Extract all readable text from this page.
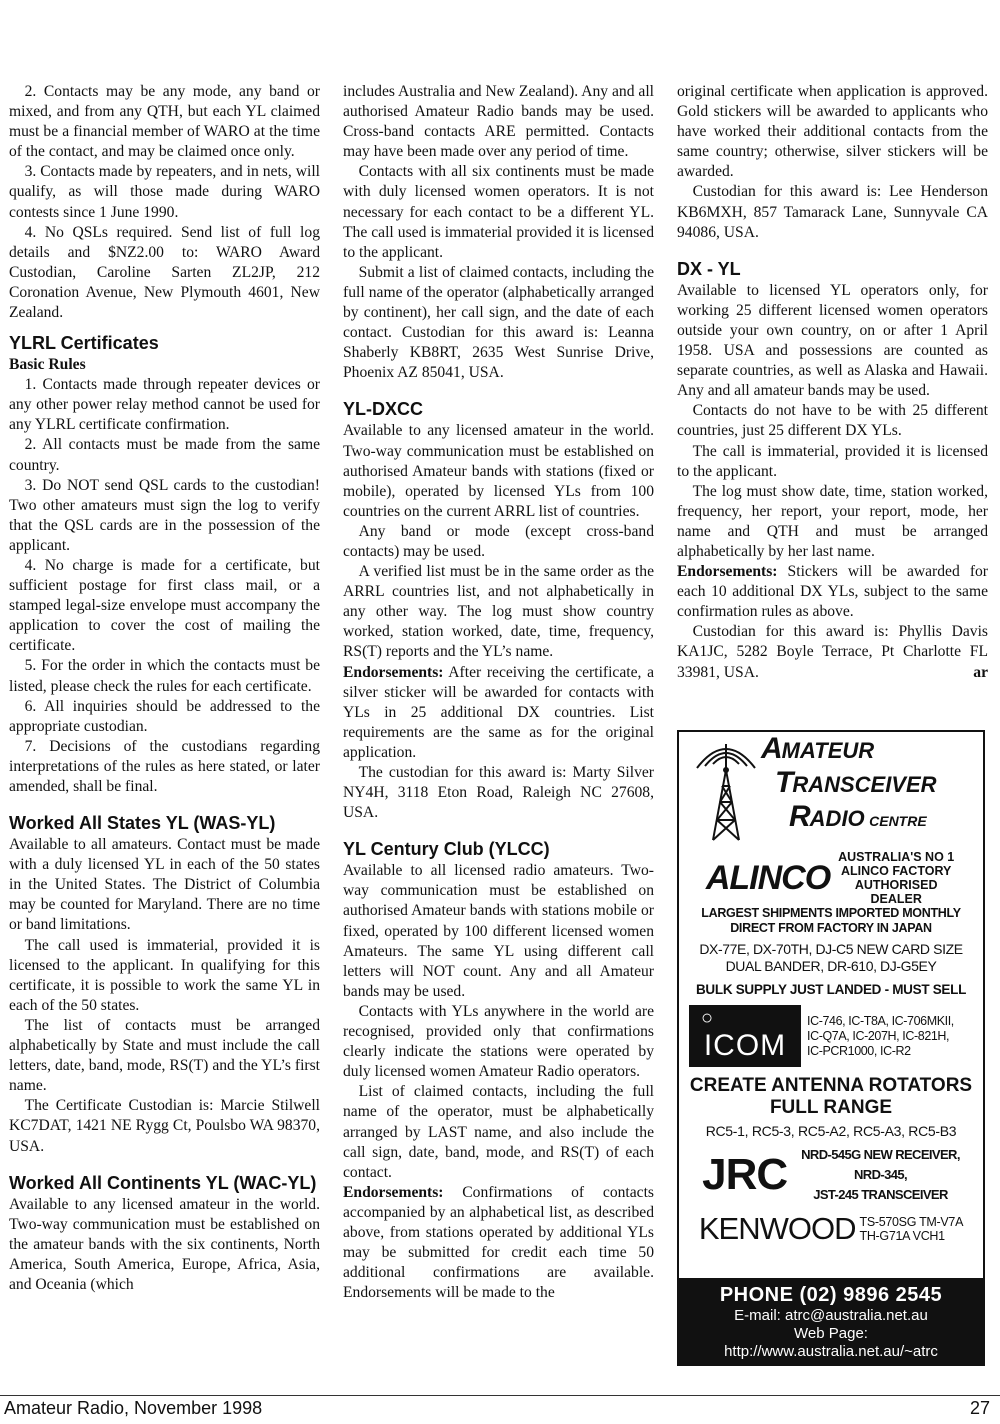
2. Contacts may be any mode, any band or mixed, and from any QTH, but each YL claimed must be a financial member of WARO at the time of the contact, and may be claimed once only.

3. Contacts made by repeaters, and in nets, will qualify, as will those made during WARO contests since 1 June 1990.

4. No QSLs required. Send list of full log details and $NZ2.00 to: WARO Award Custodian, Caroline Sarten ZL2JP, 212 Coronation Avenue, New Plymouth 4601, New Zealand.

YLRL Certificates
Basic Rules

1. Contacts made through repeater devices or any other power relay method cannot be used for any YLRL certificate confirmation.

2. All contacts must be made from the same country.

3. Do NOT send QSL cards to the custodian! Two other amateurs must sign the log to verify that the QSL cards are in the possession of the applicant.

4. No charge is made for a certificate, but sufficient postage for first class mail, or a stamped legal-size envelope must accompany the application to cover the cost of mailing the certificate.

5. For the order in which the contacts must be listed, please check the rules for each certificate.

6. All inquiries should be addressed to the appropriate custodian.

7. Decisions of the custodians regarding interpretations of the rules as here stated, or later amended, shall be final.

Worked All States YL (WAS-YL)

Available to all amateurs. Contact must be made with a duly licensed YL in each of the 50 states in the United States. The District of Columbia may be counted for Maryland. There are no time or band limitations.

The call used is immaterial, provided it is licensed to the applicant. In qualifying for this certificate, it is possible to work the same YL in each of the 50 states.

The list of contacts must be arranged alphabetically by State and must include the call letters, date, band, mode, RS(T) and the YL’s first name.

The Certificate Custodian is: Marcie Stilwell KC7DAT, 1421 NE Rygg Ct, Poulsbo WA 98370, USA.

Worked All Continents YL (WAC-YL)

Available to any licensed amateur in the world. Two-way communication must be established on the amateur bands with the six continents, North America, South America, Europe, Africa, Asia, and Oceania (which

includes Australia and New Zealand). Any and all authorised Amateur Radio bands may be used. Cross-band contacts ARE permitted. Contacts may have been made over any period of time.

Contacts with all six continents must be made with duly licensed women operators. It is not necessary for each contact to be a different YL. The call used is immaterial provided it is licensed to the applicant.

Submit a list of claimed contacts, including the full name of the operator (alphabetically arranged by continent), her call sign, and the date of each contact. Custodian for this award is: Leanna Shaberly KB8RT, 2635 West Sunrise Drive, Phoenix AZ 85041, USA.

YL-DXCC

Available to any licensed amateur in the world. Two-way communication must be established on authorised Amateur bands with stations (fixed or mobile), operated by licensed YLs from 100 countries on the current ARRL list of countries.

Any band or mode (except cross-band contacts) may be used.

A verified list must be in the same order as the ARRL countries list, and not alphabetically in any other way. The log must show country worked, station worked, date, time, frequency, RS(T) reports and the YL’s name.

Endorsements: After receiving the certificate, a silver sticker will be awarded for contacts with YLs in 25 additional DX countries. List requirements are the same as for the original application.

The custodian for this award is: Marty Silver NY4H, 3118 Eton Road, Raleigh NC 27608, USA.

YL Century Club (YLCC)

Available to all licensed radio amateurs. Two-way communication must be established on authorised Amateur bands with stations mobile or fixed, operated by 100 different licensed women Amateurs. The same YL using different call letters will NOT count. Any and all Amateur bands may be used.

Contacts with YLs anywhere in the world are recognised, provided only that confirmations clearly indicate the stations were operated by duly licensed women Amateur Radio operators.

List of claimed contacts, including the full name of the operator, must be alphabetically arranged by LAST name, and also include the call sign, date, band, mode, and RS(T) of each contact.

Endorsements: Confirmations of contacts accompanied by an alphabetical list, as described above, from stations operated by additional YLs may be submitted for credit each time 50 additional confirmations are available. Endorsements will be made to the

original certificate when application is approved. Gold stickers will be awarded to applicants who have worked their additional contacts from the same country; otherwise, silver stickers will be awarded.

Custodian for this award is: Lee Henderson KB6MXH, 857 Tamarack Lane, Sunnyvale CA 94086, USA.

DX - YL

Available to licensed YL operators only, for working 25 different licensed women operators outside your own country, on or after 1 April 1958. USA and possessions are counted as separate countries, as well as Alaska and Hawaii. Any and all amateur bands may be used.

Contacts do not have to be with 25 different countries, just 25 different DX YLs.

The call is immaterial, provided it is licensed to the applicant.

The log must show date, time, station worked, frequency, her report, your report, mode, her name and QTH and must be arranged alphabetically by her last name.

Endorsements: Stickers will be awarded for each 10 additional DX YLs, subject to the same confirmation rules as above.

Custodian for this award is: Phyllis Davis KA1JC, 5282 Boyle Terrace, Pt Charlotte FL 33981, USA.	ar

AMATEUR
TRANSCEIVER
RADIO CENTRE
ALINCO
AUSTRALIA'S NO 1 ALINCO FACTORY AUTHORISED DEALER
LARGEST SHIPMENTS IMPORTED MONTHLY DIRECT FROM FACTORY IN JAPAN
DX-77E, DX-70TH, DJ-C5 NEW CARD SIZE DUAL BANDER, DR-610, DJ-G5EY
BULK SUPPLY JUST LANDED - MUST SELL
○
ICOM
IC-746, IC-T8A, IC-706MKII,
IC-Q7A, IC-207H, IC-821H,
IC-PCR1000, IC-R2
CREATE ANTENNA ROTATORS
FULL RANGE
RC5-1, RC5-3, RC5-A2, RC5-A3, RC5-B3
JRC NRD-545G NEW RECEIVER,
NRD-345,
JST-245 TRANSCEIVER
KENWOOD TS-570SG TM-V7A
TH-G71A VCH1
PHONE (02) 9896 2545
E-mail: atrc@australia.net.au
Web Page:
http://www.australia.net.au/~atrc
Amateur Radio, November 1998	27
